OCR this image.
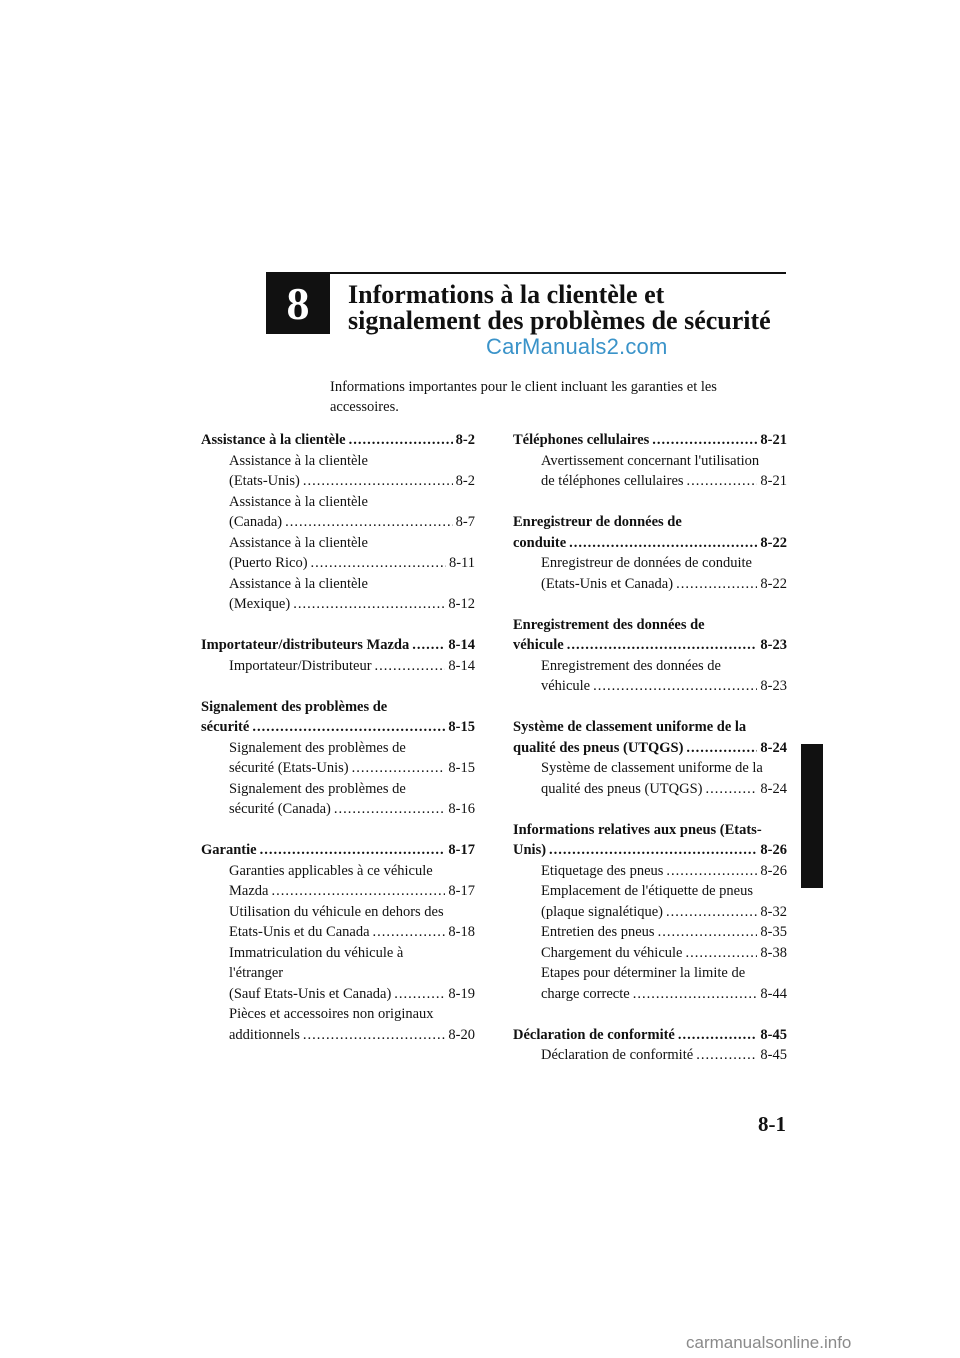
8 Informations à la clientèle et
signalement des problèmes de sécurité
CarManuals2.com
Informations importantes pour le client incluant les garanties et les accessoires.
Assistance à la clientèle .....	8-2
Assistance à la clientèle
(Etats-Unis) .....	8-2
Assistance à la clientèle
(Canada) .....	8-7
Assistance à la clientèle
(Puerto Rico) .....	8-11
Assistance à la clientèle
(Mexique) .....	8-12
Importateur/distributeurs Mazda .....	8-14
Importateur/Distributeur .....	8-14
Signalement des problèmes de
sécurité .....	8-15
Signalement des problèmes de
sécurité (Etats-Unis) .....	8-15
Signalement des problèmes de
sécurité (Canada) .....	8-16
Garantie .....	8-17
Garanties applicables à ce véhicule
Mazda .....	8-17
Utilisation du véhicule en dehors des
Etats-Unis et du Canada .....	8-18
Immatriculation du véhicule à
l'étranger
(Sauf Etats-Unis et Canada) .....	8-19
Pièces et accessoires non originaux
additionnels .....	8-20
Téléphones cellulaires .....	8-21
Avertissement concernant l'utilisation
de téléphones cellulaires .....	8-21
Enregistreur de données de
conduite .....	8-22
Enregistreur de données de conduite
(Etats-Unis et Canada) .....	8-22
Enregistrement des données de
véhicule .....	8-23
Enregistrement des données de
véhicule .....	8-23
Système de classement uniforme de la
qualité des pneus (UTQGS) .....	8-24
Système de classement uniforme de la
qualité des pneus (UTQGS) .....	8-24
Informations relatives aux pneus (Etats-
Unis) .....	8-26
Etiquetage des pneus .....	8-26
Emplacement de l'étiquette de pneus
(plaque signalétique) .....	8-32
Entretien des pneus .....	8-35
Chargement du véhicule .....	8-38
Etapes pour déterminer la limite de
charge correcte .....	8-44
Déclaration de conformité .....	8-45
Déclaration de conformité .....	8-45
8-1
carmanualsonline.info
